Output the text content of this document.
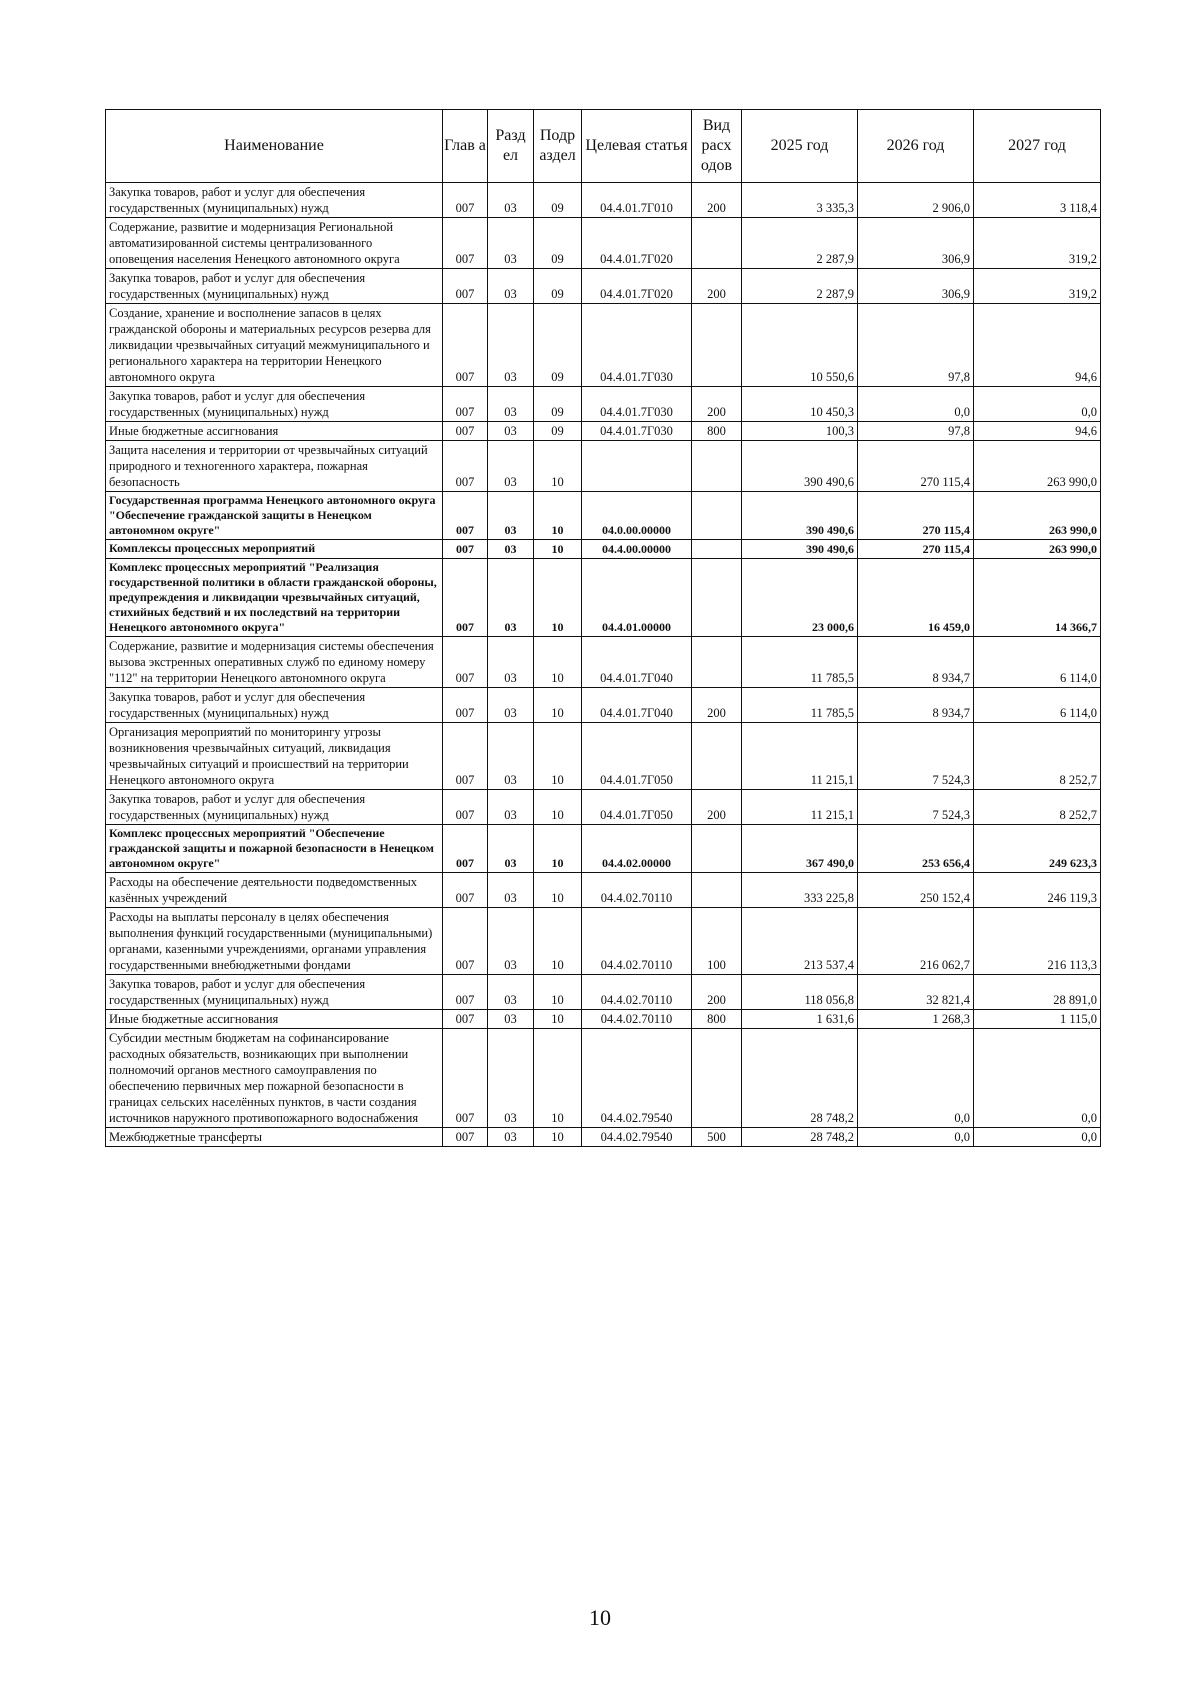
Наименование	Глав а	Разд ел	Подр аздел	Целевая статья	Вид расх одов	2025 год	2026 год	2027 год
Закупка товаров, работ и услуг для обеспечения государственных (муниципальных) нужд	007	03	09	04.4.01.7Г010	200	3 335,3	2 906,0	3 118,4
Содержание, развитие и модернизация Региональной автоматизированной системы централизованного оповещения населения Ненецкого автономного округа	007	03	09	04.4.01.7Г020		2 287,9	306,9	319,2
Закупка товаров, работ и услуг для обеспечения государственных (муниципальных) нужд	007	03	09	04.4.01.7Г020	200	2 287,9	306,9	319,2
Создание, хранение и восполнение запасов в целях гражданской обороны и материальных ресурсов резерва для ликвидации чрезвычайных ситуаций межмуниципального и регионального характера на территории Ненецкого автономного округа	007	03	09	04.4.01.7Г030		10 550,6	97,8	94,6
Закупка товаров, работ и услуг для обеспечения государственных (муниципальных) нужд	007	03	09	04.4.01.7Г030	200	10 450,3	0,0	0,0
Иные бюджетные ассигнования	007	03	09	04.4.01.7Г030	800	100,3	97,8	94,6
Защита населения и территории от чрезвычайных ситуаций природного и техногенного характера, пожарная безопасность	007	03	10			390 490,6	270 115,4	263 990,0
Государственная программа Ненецкого автономного округа "Обеспечение гражданской защиты в Ненецком автономном округе"	007	03	10	04.0.00.00000		390 490,6	270 115,4	263 990,0
Комплексы процессных мероприятий	007	03	10	04.4.00.00000		390 490,6	270 115,4	263 990,0
Комплекс процессных мероприятий "Реализация государственной политики в области гражданской обороны, предупреждения и ликвидации чрезвычайных ситуаций, стихийных бедствий и их последствий на территории Ненецкого автономного округа"	007	03	10	04.4.01.00000		23 000,6	16 459,0	14 366,7
Содержание, развитие и модернизация системы обеспечения вызова экстренных оперативных служб по единому номеру "112" на территории Ненецкого автономного округа	007	03	10	04.4.01.7Г040		11 785,5	8 934,7	6 114,0
Закупка товаров, работ и услуг для обеспечения государственных (муниципальных) нужд	007	03	10	04.4.01.7Г040	200	11 785,5	8 934,7	6 114,0
Организация мероприятий по мониторингу угрозы возникновения чрезвычайных ситуаций, ликвидация чрезвычайных ситуаций и происшествий на территории Ненецкого автономного округа	007	03	10	04.4.01.7Г050		11 215,1	7 524,3	8 252,7
Закупка товаров, работ и услуг для обеспечения государственных (муниципальных) нужд	007	03	10	04.4.01.7Г050	200	11 215,1	7 524,3	8 252,7
Комплекс процессных мероприятий "Обеспечение гражданской защиты и пожарной безопасности в Ненецком автономном округе"	007	03	10	04.4.02.00000		367 490,0	253 656,4	249 623,3
Расходы на обеспечение деятельности подведомственных казённых учреждений	007	03	10	04.4.02.70110		333 225,8	250 152,4	246 119,3
Расходы на выплаты персоналу в целях обеспечения выполнения функций государственными (муниципальными) органами, казенными учреждениями, органами управления государственными внебюджетными фондами	007	03	10	04.4.02.70110	100	213 537,4	216 062,7	216 113,3
Закупка товаров, работ и услуг для обеспечения государственных (муниципальных) нужд	007	03	10	04.4.02.70110	200	118 056,8	32 821,4	28 891,0
Иные бюджетные ассигнования	007	03	10	04.4.02.70110	800	1 631,6	1 268,3	1 115,0
Субсидии местным бюджетам на софинансирование расходных обязательств, возникающих при выполнении полномочий органов местного самоуправления по обеспечению первичных мер пожарной безопасности в границах сельских населённых пунктов, в части создания источников наружного противопожарного водоснабжения	007	03	10	04.4.02.79540		28 748,2	0,0	0,0
Межбюджетные трансферты	007	03	10	04.4.02.79540	500	28 748,2	0,0	0,0
10
